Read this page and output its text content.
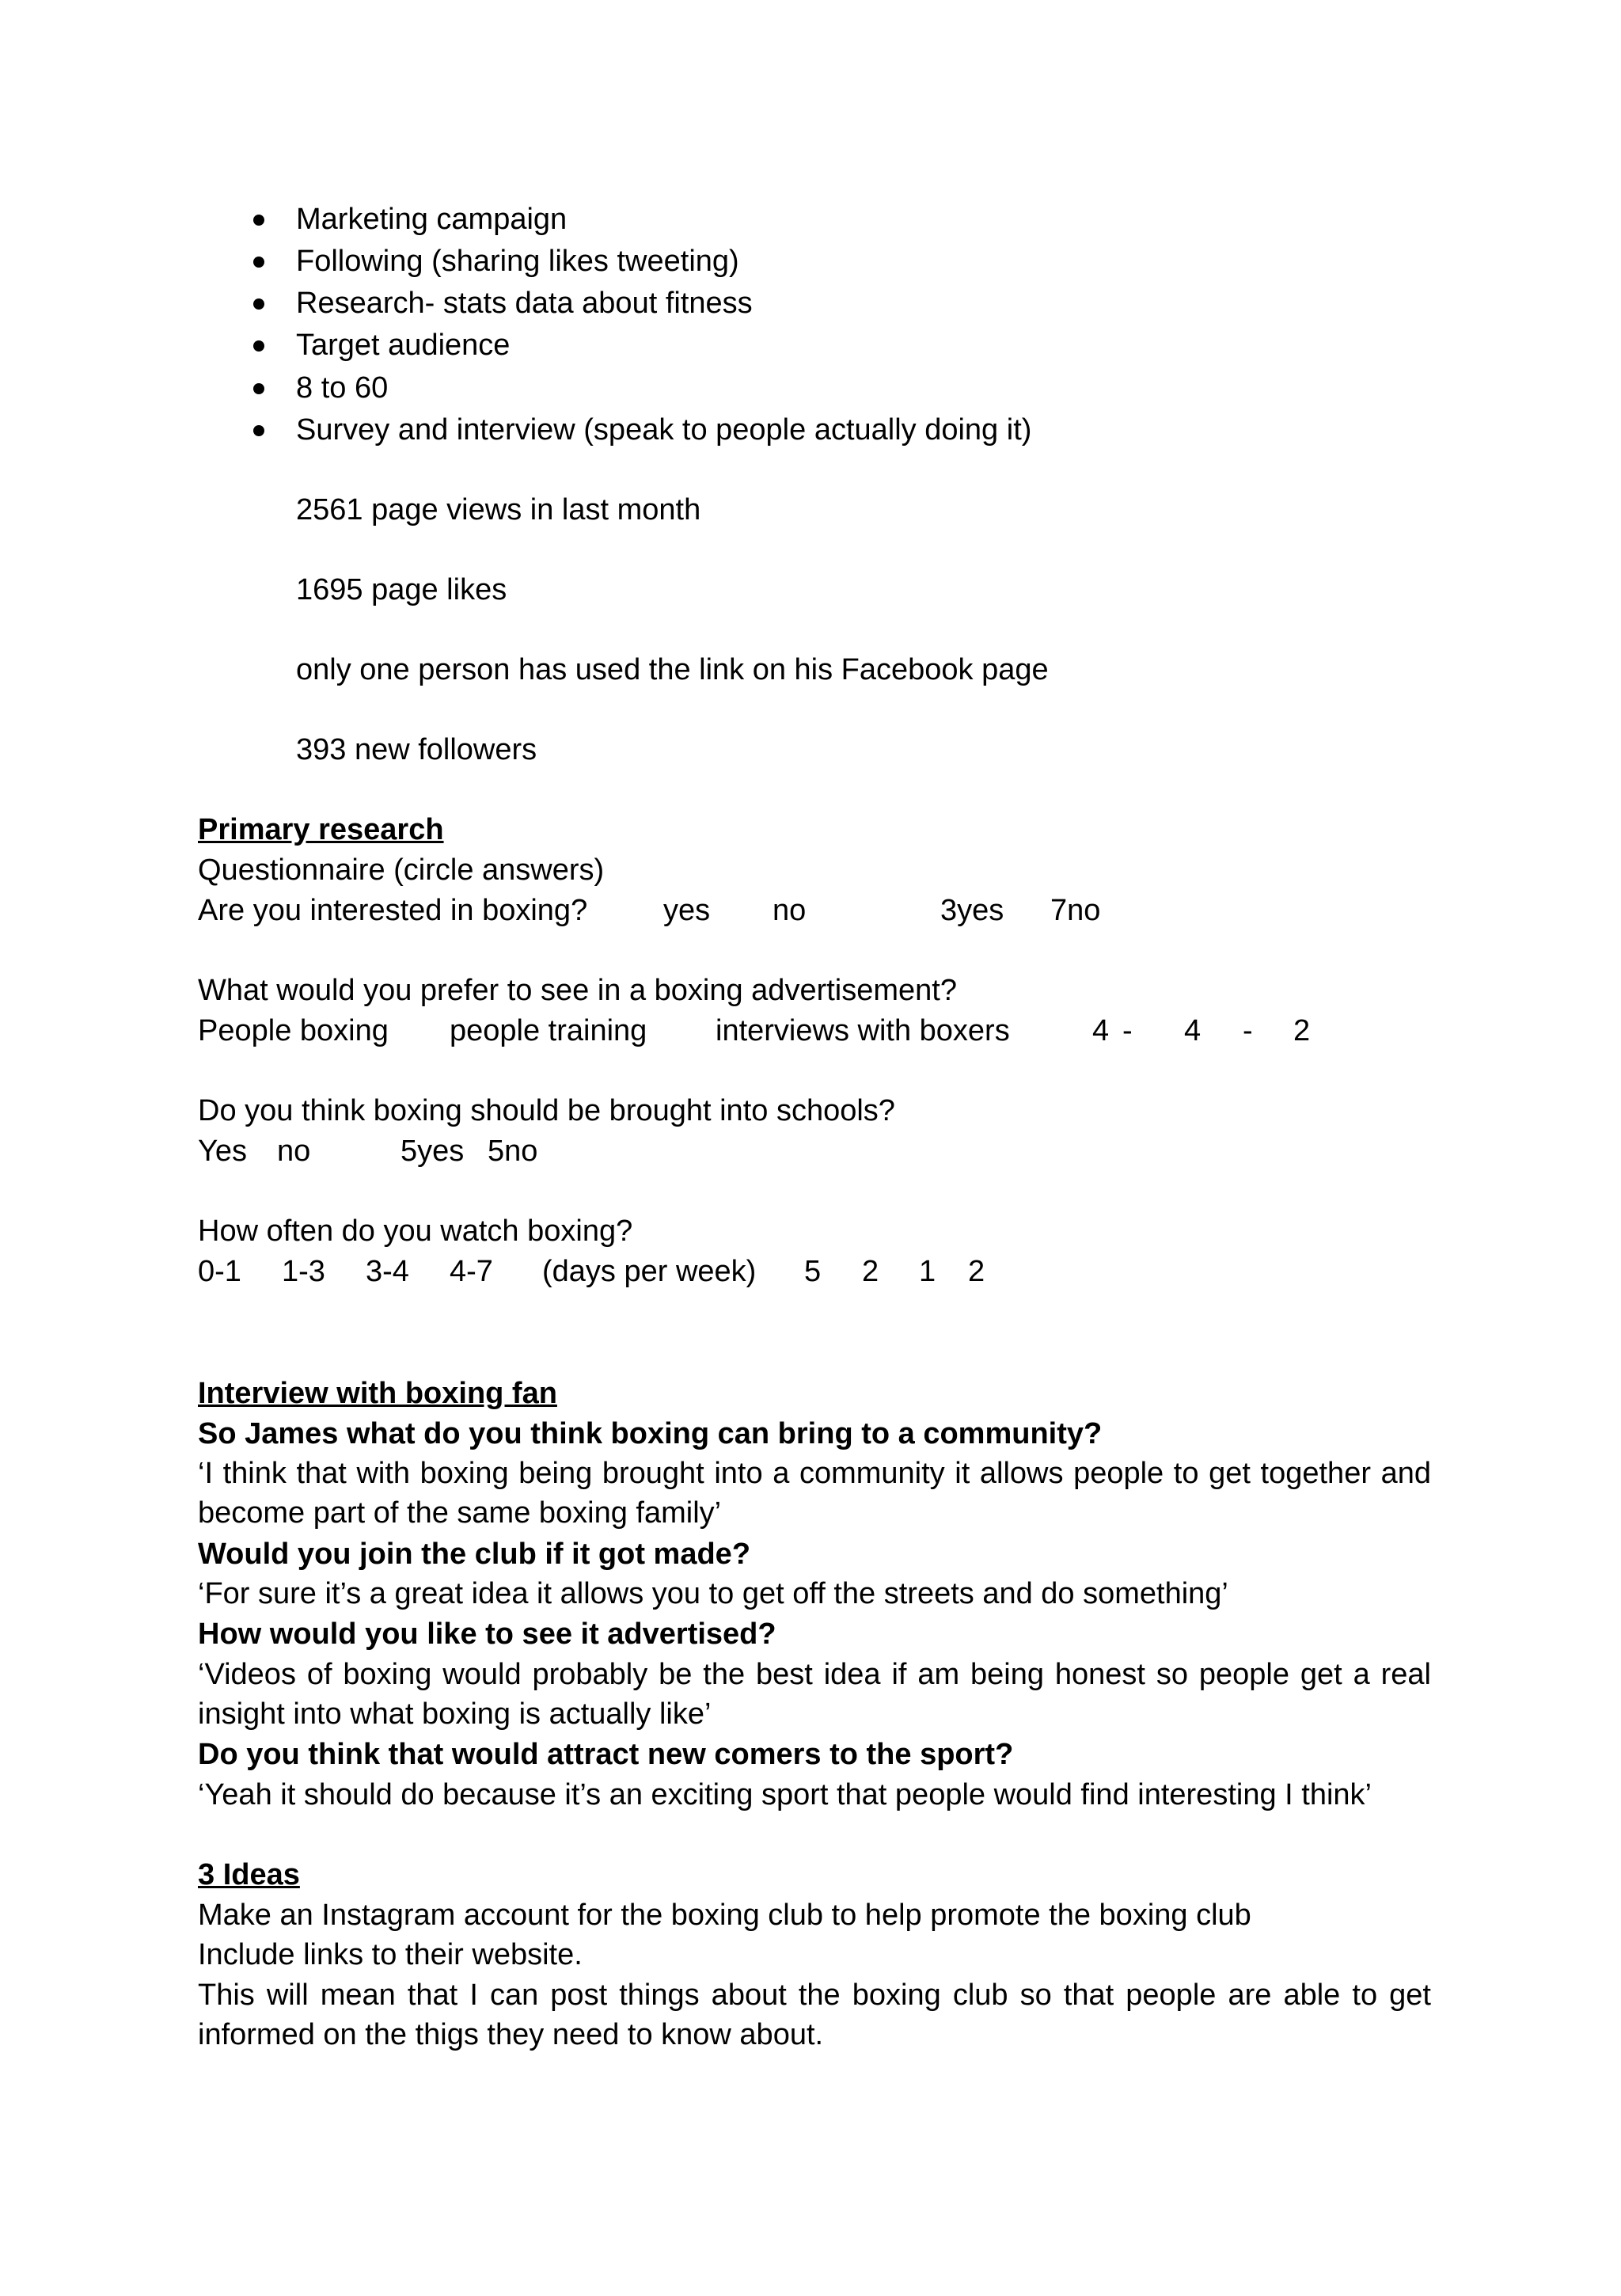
Marketing campaign
Following (sharing likes tweeting)
Research- stats data about fitness
Target audience
8 to 60
Survey and interview (speak to people actually doing it)
2561 page views in last month
1695 page likes
only one person has used the link on his Facebook page
393 new followers
Primary research
Questionnaire (circle answers)
Are you interested in boxing?	yes no	3yes 7no
What would you prefer to see in a boxing advertisement?
People boxing people training interviews with boxers	4 - 4 - 2
Do you think boxing should be brought into schools?
Yes no	5yes 5no
How often do you watch boxing?
0-1 1-3 3-4 4-7 (days per week) 5 2 1 2
Interview with boxing fan
So James what do you think boxing can bring to a community?
‘I think that with boxing being brought into a community it allows people to get together and become part of the same boxing family’
Would you join the club if it got made?
‘For sure it’s a great idea it allows you to get off the streets and do something’
How would you like to see it advertised?
‘Videos of boxing would probably be the best idea if am being honest so people get a real insight into what boxing is actually like’
Do you think that would attract new comers to the sport?
‘Yeah it should do because it’s an exciting sport that people would find interesting I think’
3 Ideas
Make an Instagram account for the boxing club to help promote the boxing club
Include links to their website.
This will mean that I can post things about the boxing club so that people are able to get informed on the thigs they need to know about.
